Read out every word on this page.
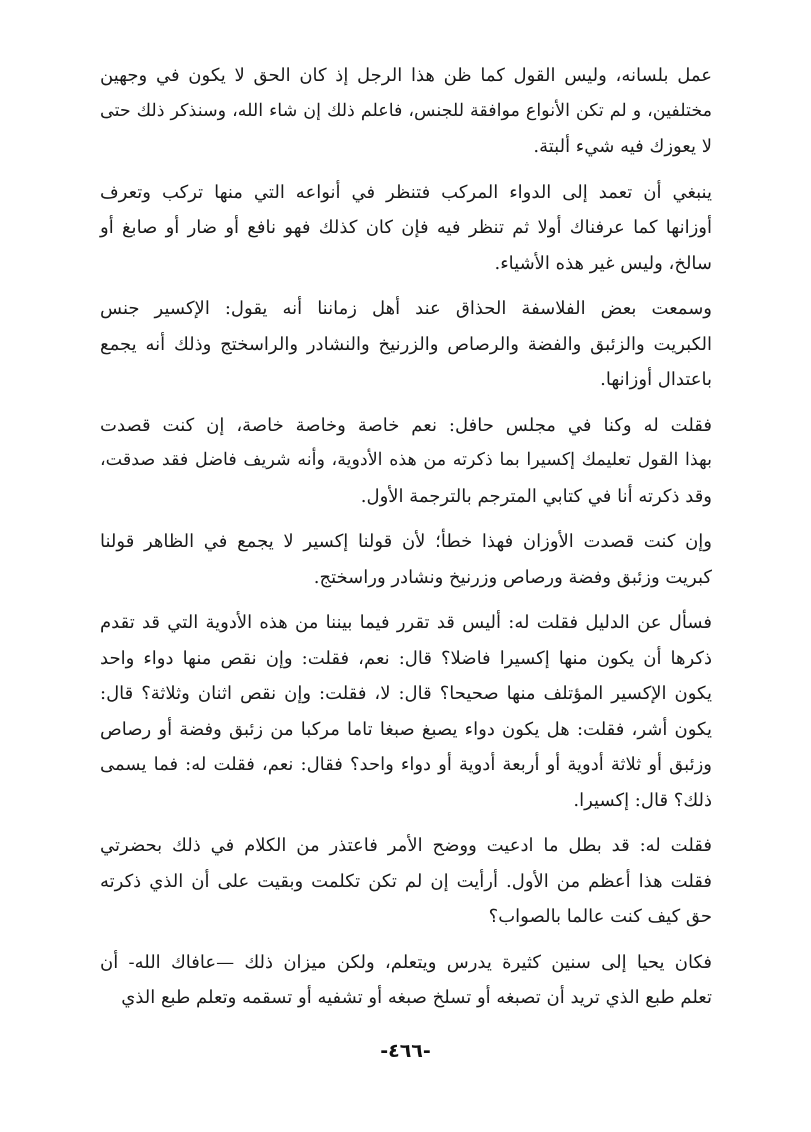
عمل بلسانه، وليس القول كما ظن هذا الرجل إذ كان الحق لا يكون في وجهين
مختلفين، و لم تكن الأنواع موافقة للجنس، فاعلم ذلك إن شاء الله، وسنذكر ذلك حتى
لا يعوزك فيه شيء ألبتة.
ينبغي أن تعمد إلى الدواء المركب فتنظر في أنواعه التي منها تركب وتعرف
أوزانها كما عرفناك أولا ثم تنظر فيه فإن كان كذلك فهو نافع أو ضار أو صابغ أو
سالخ، وليس غير هذه الأشياء.
وسمعت بعض الفلاسفة الحذاق عند أهل زماننا أنه يقول: الإكسير جنس
الكبريت والزئبق والفضة والرصاص والزرنيخ والنشادر والراسختج وذلك أنه يجمع
باعتدال أوزانها.
فقلت له وكنا في مجلس حافل: نعم خاصة وخاصة خاصة، إن كنت قصدت
بهذا القول تعليمك إكسيرا بما ذكرته من هذه الأدوية، وأنه شريف فاضل فقد صدقت،
وقد ذكرته أنا في كتابي المترجم بالترجمة الأول.
وإن كنت قصدت الأوزان فهذا خطأ؛ لأن قولنا إكسير لا يجمع في الظاهر قولنا
كبريت وزئبق وفضة ورصاص وزرنيخ ونشادر وراسختج.
فسأل عن الدليل فقلت له: أليس قد تقرر فيما بيننا من هذه الأدوية التي قد تقدم
ذكرها أن يكون منها إكسيرا فاضلا؟ قال: نعم، فقلت: وإن نقص منها دواء واحد
يكون الإكسير المؤتلف منها صحيحا؟ قال: لا، فقلت: وإن نقص اثنان وثلاثة؟ قال:
يكون أشر، فقلت: هل يكون دواء يصبغ صبغا تاما مركبا من زئبق وفضة أو رصاص
وزئبق أو ثلاثة أدوية أو أربعة أدوية أو دواء واحد؟ فقال: نعم، فقلت له: فما يسمى
ذلك؟ قال: إكسيرا.
فقلت له: قد بطل ما ادعيت ووضح الأمر فاعتذر من الكلام في ذلك بحضرتي
فقلت هذا أعظم من الأول. أرأيت إن لم تكن تكلمت وبقيت على أن الذي ذكرته
حق كيف كنت عالما بالصواب؟
فكان يحيا إلى سنين كثيرة يدرس ويتعلم، ولكن ميزان ذلك —عافاك الله- أن
تعلم طبع الذي تريد أن تصبغه أو تسلخ صبغه أو تشفيه أو تسقمه وتعلم طبع الذي
-٤٦٦-
